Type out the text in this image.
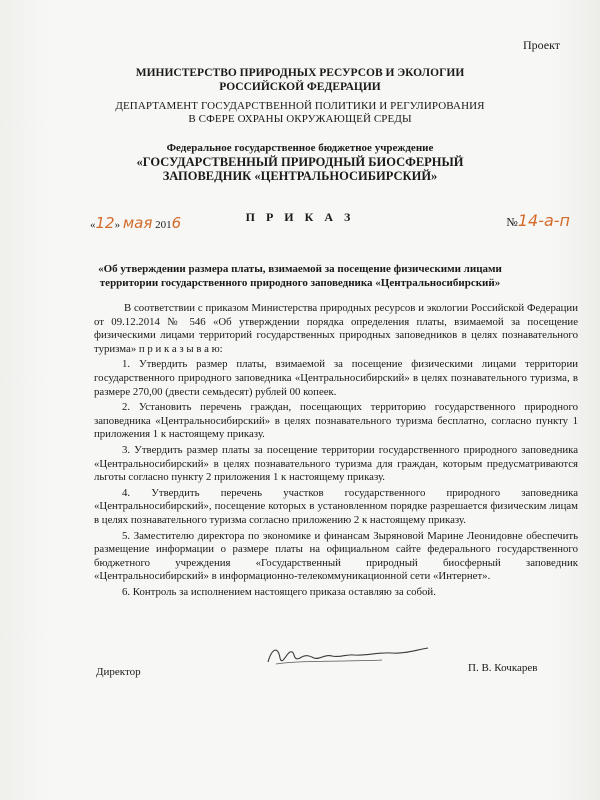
Проект
МИНИСТЕРСТВО ПРИРОДНЫХ РЕСУРСОВ И ЭКОЛОГИИ
РОССИЙСКОЙ ФЕДЕРАЦИИ
ДЕПАРТАМЕНТ ГОСУДАРСТВЕННОЙ ПОЛИТИКИ И РЕГУЛИРОВАНИЯ
В СФЕРЕ ОХРАНЫ ОКРУЖАЮЩЕЙ СРЕДЫ
Федеральное государственное бюджетное учреждение
«ГОСУДАРСТВЕННЫЙ ПРИРОДНЫЙ БИОСФЕРНЫЙ
ЗАПОВЕДНИК «ЦЕНТРАЛЬНОСИБИРСКИЙ»
П Р И К А З
«12» мая 2016	№14-а-п
«Об утверждении размера платы, взимаемой за посещение физическими лицами
территории государственного природного заповедника «Центральносибирский»

В соответствии с приказом Министерства природных ресурсов и экологии Российской Федерации от 09.12.2014 № 546 «Об утверждении порядка определения платы, взимаемой за посещение физическими лицами территорий государственных природных заповедников в целях познавательного туризма» п р и к а з ы в а ю:

1. Утвердить размер платы, взимаемой за посещение физическими лицами территории государственного природного заповедника «Центральносибирский» в целях познавательного туризма, в размере 270,00 (двести семьдесят) рублей 00 копеек.

2. Установить перечень граждан, посещающих территорию государственного природного заповедника «Центральносибирский» в целях познавательного туризма бесплатно, согласно пункту 1 приложения 1 к настоящему приказу.

3. Утвердить размер платы за посещение территории государственного природного заповедника «Центральносибирский» в целях познавательного туризма для граждан, которым предусматриваются льготы согласно пункту 2 приложения 1 к настоящему приказу.

4. Утвердить перечень участков государственного природного заповедника «Центральносибирский», посещение которых в установленном порядке разрешается физическим лицам в целях познавательного туризма согласно приложению 2 к настоящему приказу.

5. Заместителю директора по экономике и финансам Зыряновой Марине Леонидовне обеспечить размещение информации о размере платы на официальном сайте федерального государственного бюджетного учреждения «Государственный природный биосферный заповедник «Центральносибирский» в информационно-телекоммуникационной сети «Интернет».

6. Контроль за исполнением настоящего приказа оставляю за собой.

Директор	П. В. Кочкарев
